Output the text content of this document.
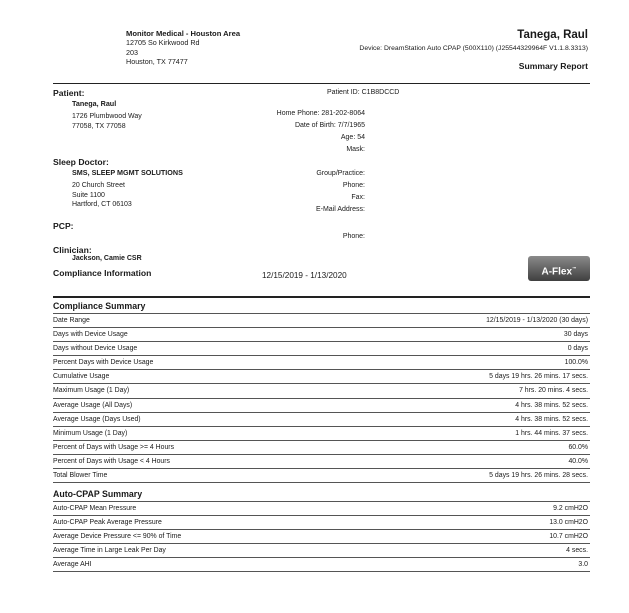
Monitor Medical - Houston Area
12705 So Kirkwood Rd
203
Houston, TX 77477
Tanega, Raul
Device: DreamStation Auto CPAP (500X110) (J25544329964F V1.1.8.3313)
Summary Report
Patient:
Tanega, Raul
1726 Plumbwood Way
77058, TX 77058
Patient ID: C1B8DCCD
Home Phone: 281-202-8064
Date of Birth: 7/7/1965
Age: 54
Mask:
Sleep Doctor:
SMS, SLEEP MGMT SOLUTIONS
20 Church Street
Suite 1100
Hartford, CT 06103
Group/Practice:
Phone:
Fax:
E-Mail Address:
PCP:
Phone:
Clinician:
Jackson, Camie CSR
Compliance Information	12/15/2019 - 1/13/2020	A-Flex™
Compliance Summary
Date Range	12/15/2019 - 1/13/2020 (30 days)
Days with Device Usage	30 days
Days without Device Usage	0 days
Percent Days with Device Usage	100.0%
Cumulative Usage	5 days 19 hrs. 26 mins. 17 secs.
Maximum Usage (1 Day)	7 hrs. 20 mins. 4 secs.
Average Usage (All Days)	4 hrs. 38 mins. 52 secs.
Average Usage (Days Used)	4 hrs. 38 mins. 52 secs.
Minimum Usage (1 Day)	1 hrs. 44 mins. 37 secs.
Percent of Days with Usage >= 4 Hours	60.0%
Percent of Days with Usage < 4 Hours	40.0%
Total Blower Time	5 days 19 hrs. 26 mins. 28 secs.
Auto-CPAP Summary
Auto-CPAP Mean Pressure	9.2 cmH2O
Auto-CPAP Peak Average Pressure	13.0 cmH2O
Average Device Pressure <= 90% of Time	10.7 cmH2O
Average Time in Large Leak Per Day	4 secs.
Average AHI	3.0
